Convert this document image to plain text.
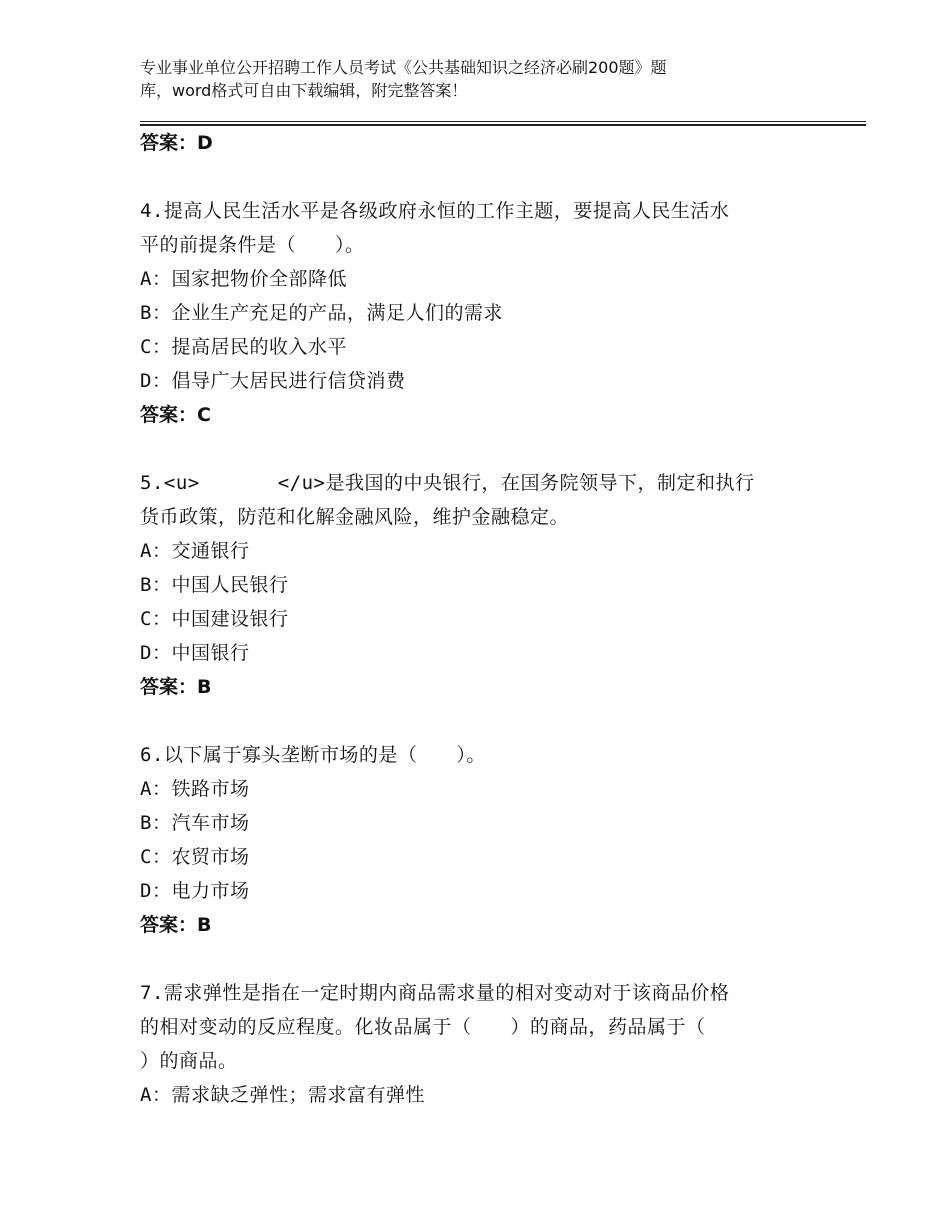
专业事业单位公开招聘工作人员考试《公共基础知识之经济必刷200题》题
库，word格式可自由下载编辑，附完整答案！
答案：D
4.提高人民生活水平是各级政府永恒的工作主题，要提高人民生活水
平的前提条件是（　　）。
A：国家把物价全部降低
B：企业生产充足的产品，满足人们的需求
C：提高居民的收入水平
D：倡导广大居民进行信贷消费
答案：C
5.<u>　　　　</u>是我国的中央银行，在国务院领导下，制定和执行
货币政策，防范和化解金融风险，维护金融稳定。
A：交通银行
B：中国人民银行
C：中国建设银行
D：中国银行
答案：B
6.以下属于寡头垄断市场的是（　　）。
A：铁路市场
B：汽车市场
C：农贸市场
D：电力市场
答案：B
7.需求弹性是指在一定时期内商品需求量的相对变动对于该商品价格
的相对变动的反应程度。化妆品属于（　　）的商品，药品属于（
）的商品。
A：需求缺乏弹性；需求富有弹性
